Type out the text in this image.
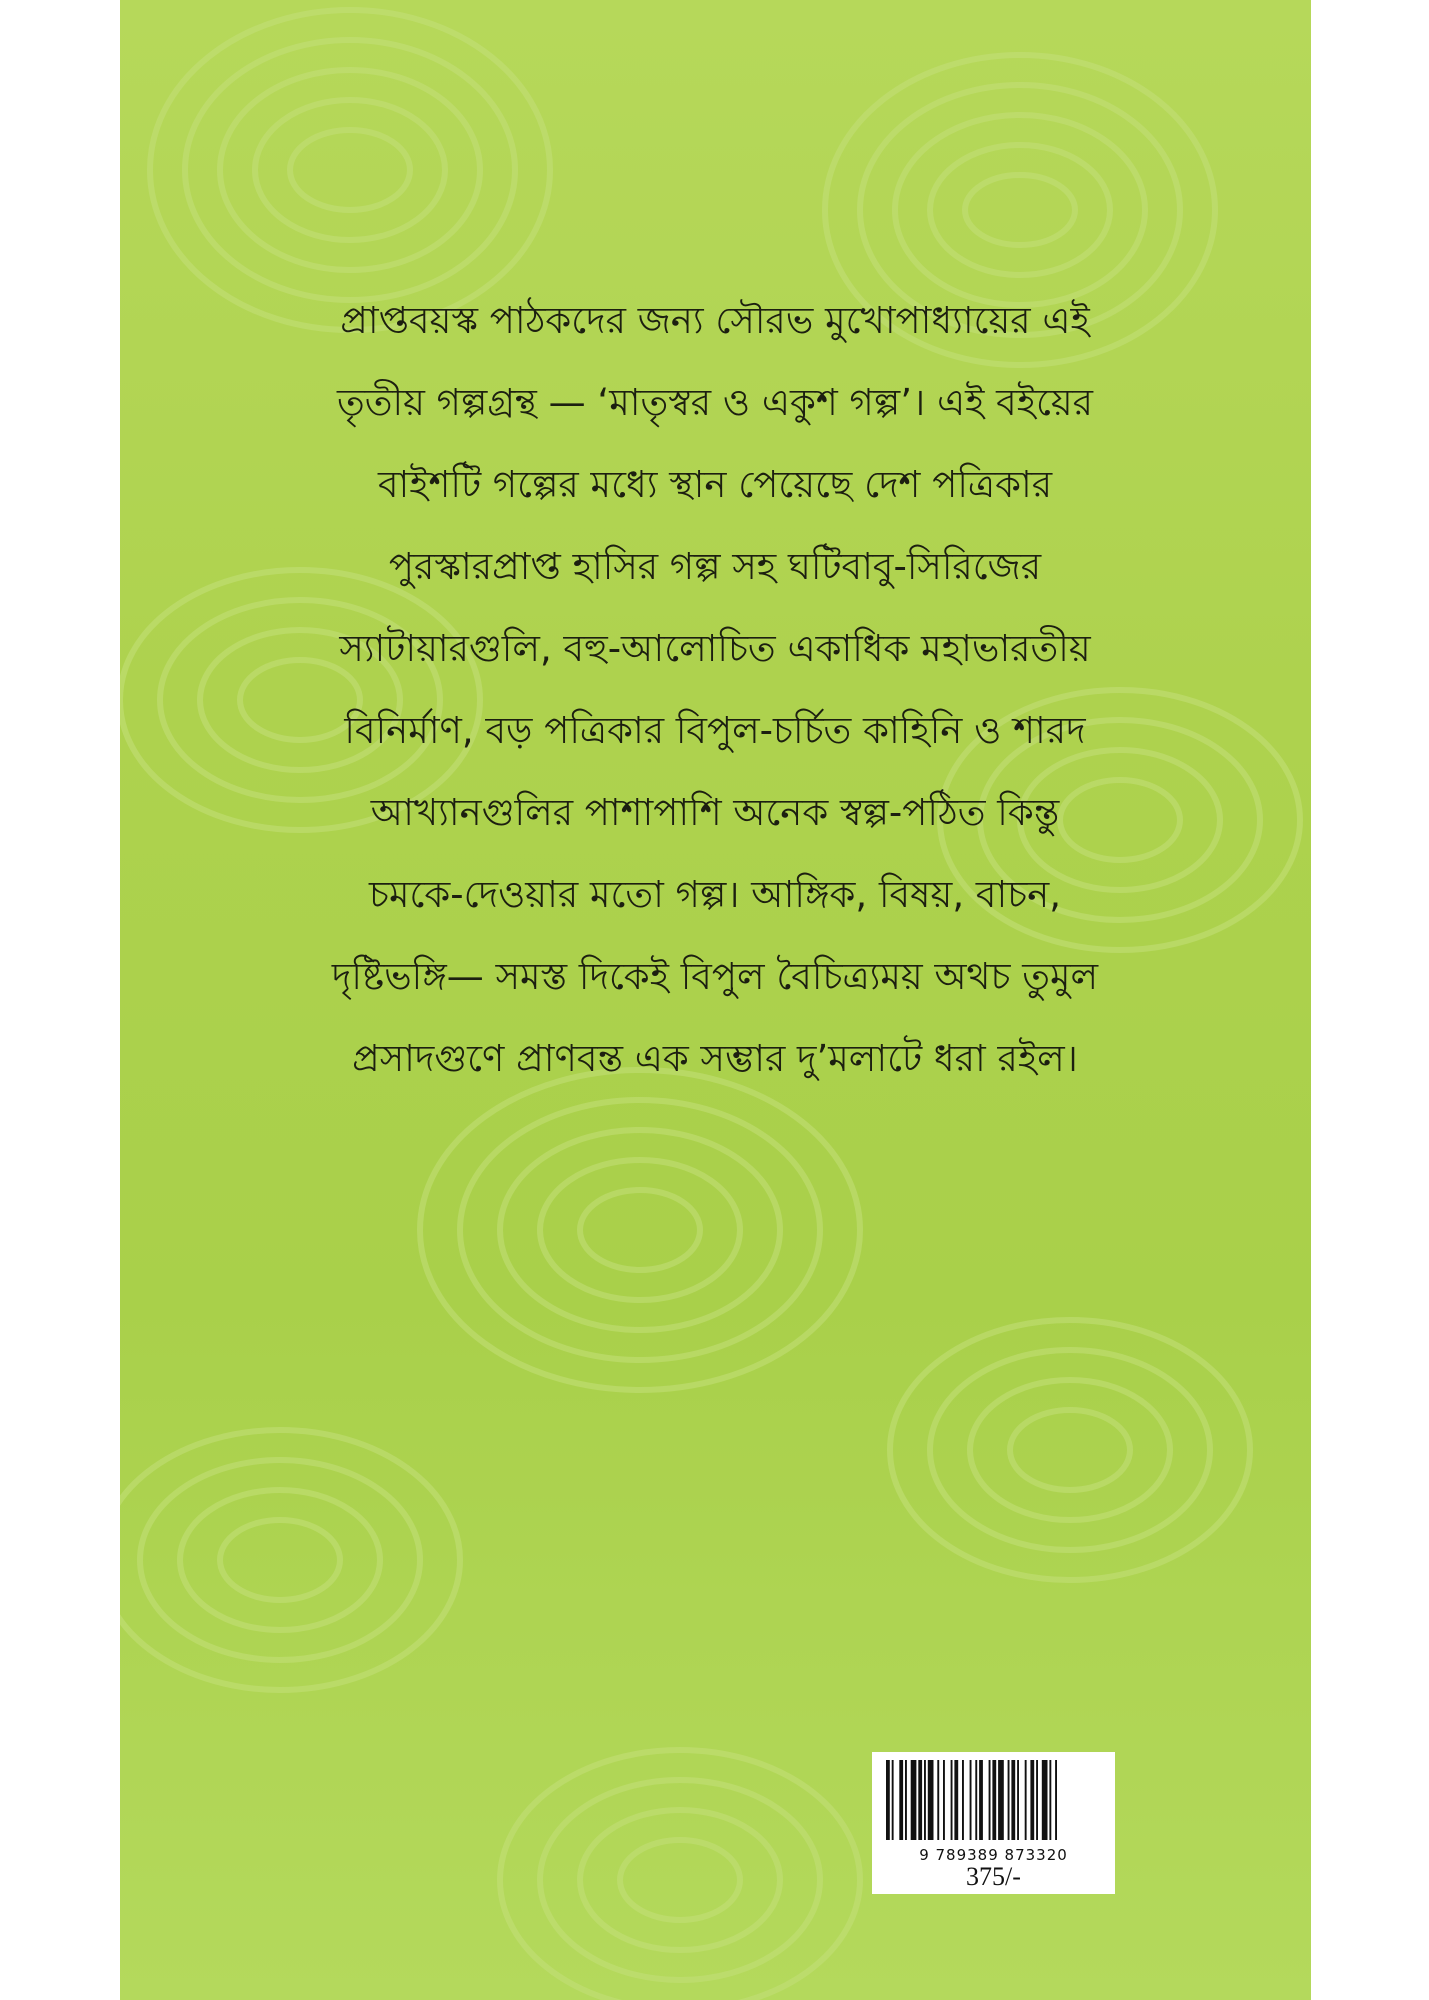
প্রাপ্তবয়স্ক পাঠকদের জন্য সৌরভ মুখোপাধ্যায়ের এই
তৃতীয় গল্পগ্রন্থ — ‘মাতৃস্বর ও একুশ গল্প’। এই বইয়ের
বাইশটি গল্পের মধ্যে স্থান পেয়েছে দেশ পত্রিকার
পুরস্কারপ্রাপ্ত হাসির গল্প সহ ঘটিবাবু-সিরিজের
স্যাটায়ারগুলি, বহু-আলোচিত একাধিক মহাভারতীয়
বিনির্মাণ, বড় পত্রিকার বিপুল-চর্চিত কাহিনি ও শারদ
আখ্যানগুলির পাশাপাশি অনেক স্বল্প-পঠিত কিন্তু
চমকে-দেওয়ার মতো গল্প। আঙ্গিক, বিষয়, বাচন,
দৃষ্টিভঙ্গি— সমস্ত দিকেই বিপুল বৈচিত্র্যময় অথচ তুমুল
প্রসাদগুণে প্রাণবন্ত এক সম্ভার দু’মলাটে ধরা রইল।
9 789389 873320
375/-
